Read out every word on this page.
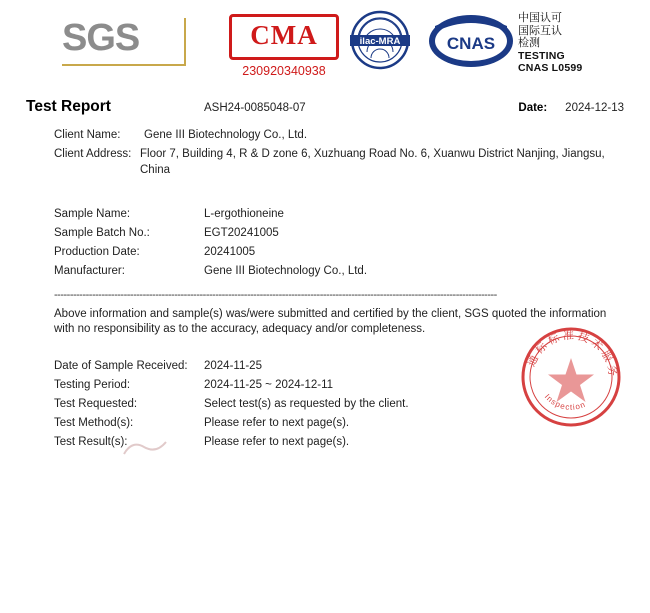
SGS	CMA
230920340938
ilac-MRA	CNAS
中国认可
国际互认
检测
TESTING
CNAS L0599
Test Report	ASH24-0085048-07	Date: 2024-12-13
Client Name:	Gene III Biotechnology Co., Ltd.
Client Address: Floor 7, Building 4, R & D zone 6, Xuzhuang Road No. 6, Xuanwu District Nanjing, Jiangsu, China
Sample Name:	L-ergothioneine
Sample Batch No.:	EGT20241005
Production Date:	20241005
Manufacturer:	Gene III Biotechnology Co., Ltd.
--------------------------------------------------------------------------------------------------------------------------------------------
Above information and sample(s) was/were submitted and certified by the client, SGS quoted the information with no responsibility as to the accuracy, adequacy and/or completeness.
Date of Sample Received:	2024-11-25
Testing Period:	2024-11-25 ~ 2024-12-11
Test Requested:	Select test(s) as requested by the client.
Test Method(s):	Please refer to next page(s).
Test Result(s):	Please refer to next page(s).
通标标准技术服务
Inspection
